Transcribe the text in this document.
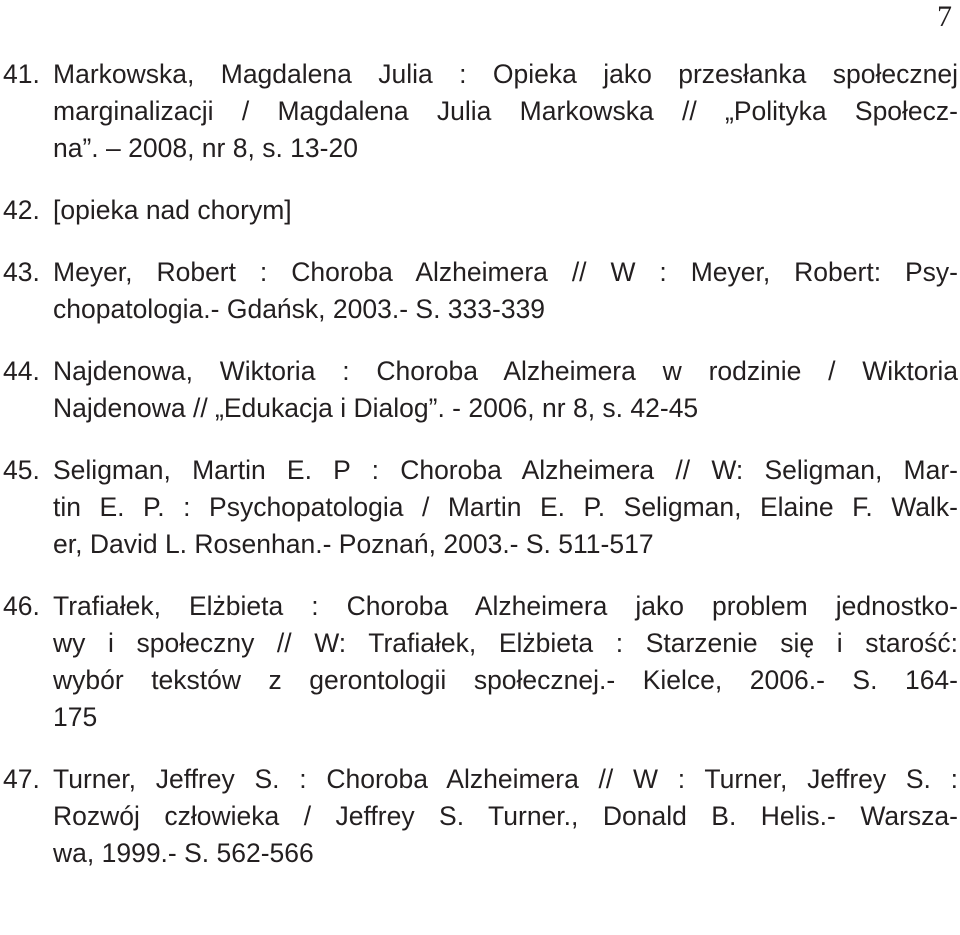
7
41. Markowska, Magdalena Julia : Opieka jako przesłanka społecznej
marginalizacji / Magdalena Julia Markowska // „Polityka Społecz-
na”. – 2008, nr 8, s. 13-20
42. [opieka nad chorym]
43. Meyer, Robert : Choroba Alzheimera // W : Meyer, Robert: Psy-
chopatologia.- Gdańsk, 2003.- S. 333-339
44. Najdenowa, Wiktoria : Choroba Alzheimera w rodzinie / Wiktoria
Najdenowa // „Edukacja i Dialog”. - 2006, nr 8, s. 42-45
45. Seligman, Martin E. P : Choroba Alzheimera // W: Seligman, Mar-
tin E. P. : Psychopatologia / Martin E. P. Seligman, Elaine F. Walk-
er, David L. Rosenhan.- Poznań, 2003.- S. 511-517
46. Trafiałek, Elżbieta : Choroba Alzheimera jako problem jednostko-
wy i społeczny // W: Trafiałek, Elżbieta : Starzenie się i starość:
wybór tekstów z gerontologii społecznej.- Kielce, 2006.- S. 164-
175
47. Turner, Jeffrey S. : Choroba Alzheimera // W : Turner, Jeffrey S. :
Rozwój człowieka / Jeffrey S. Turner., Donald B. Helis.- Warsza-
wa, 1999.- S. 562-566
